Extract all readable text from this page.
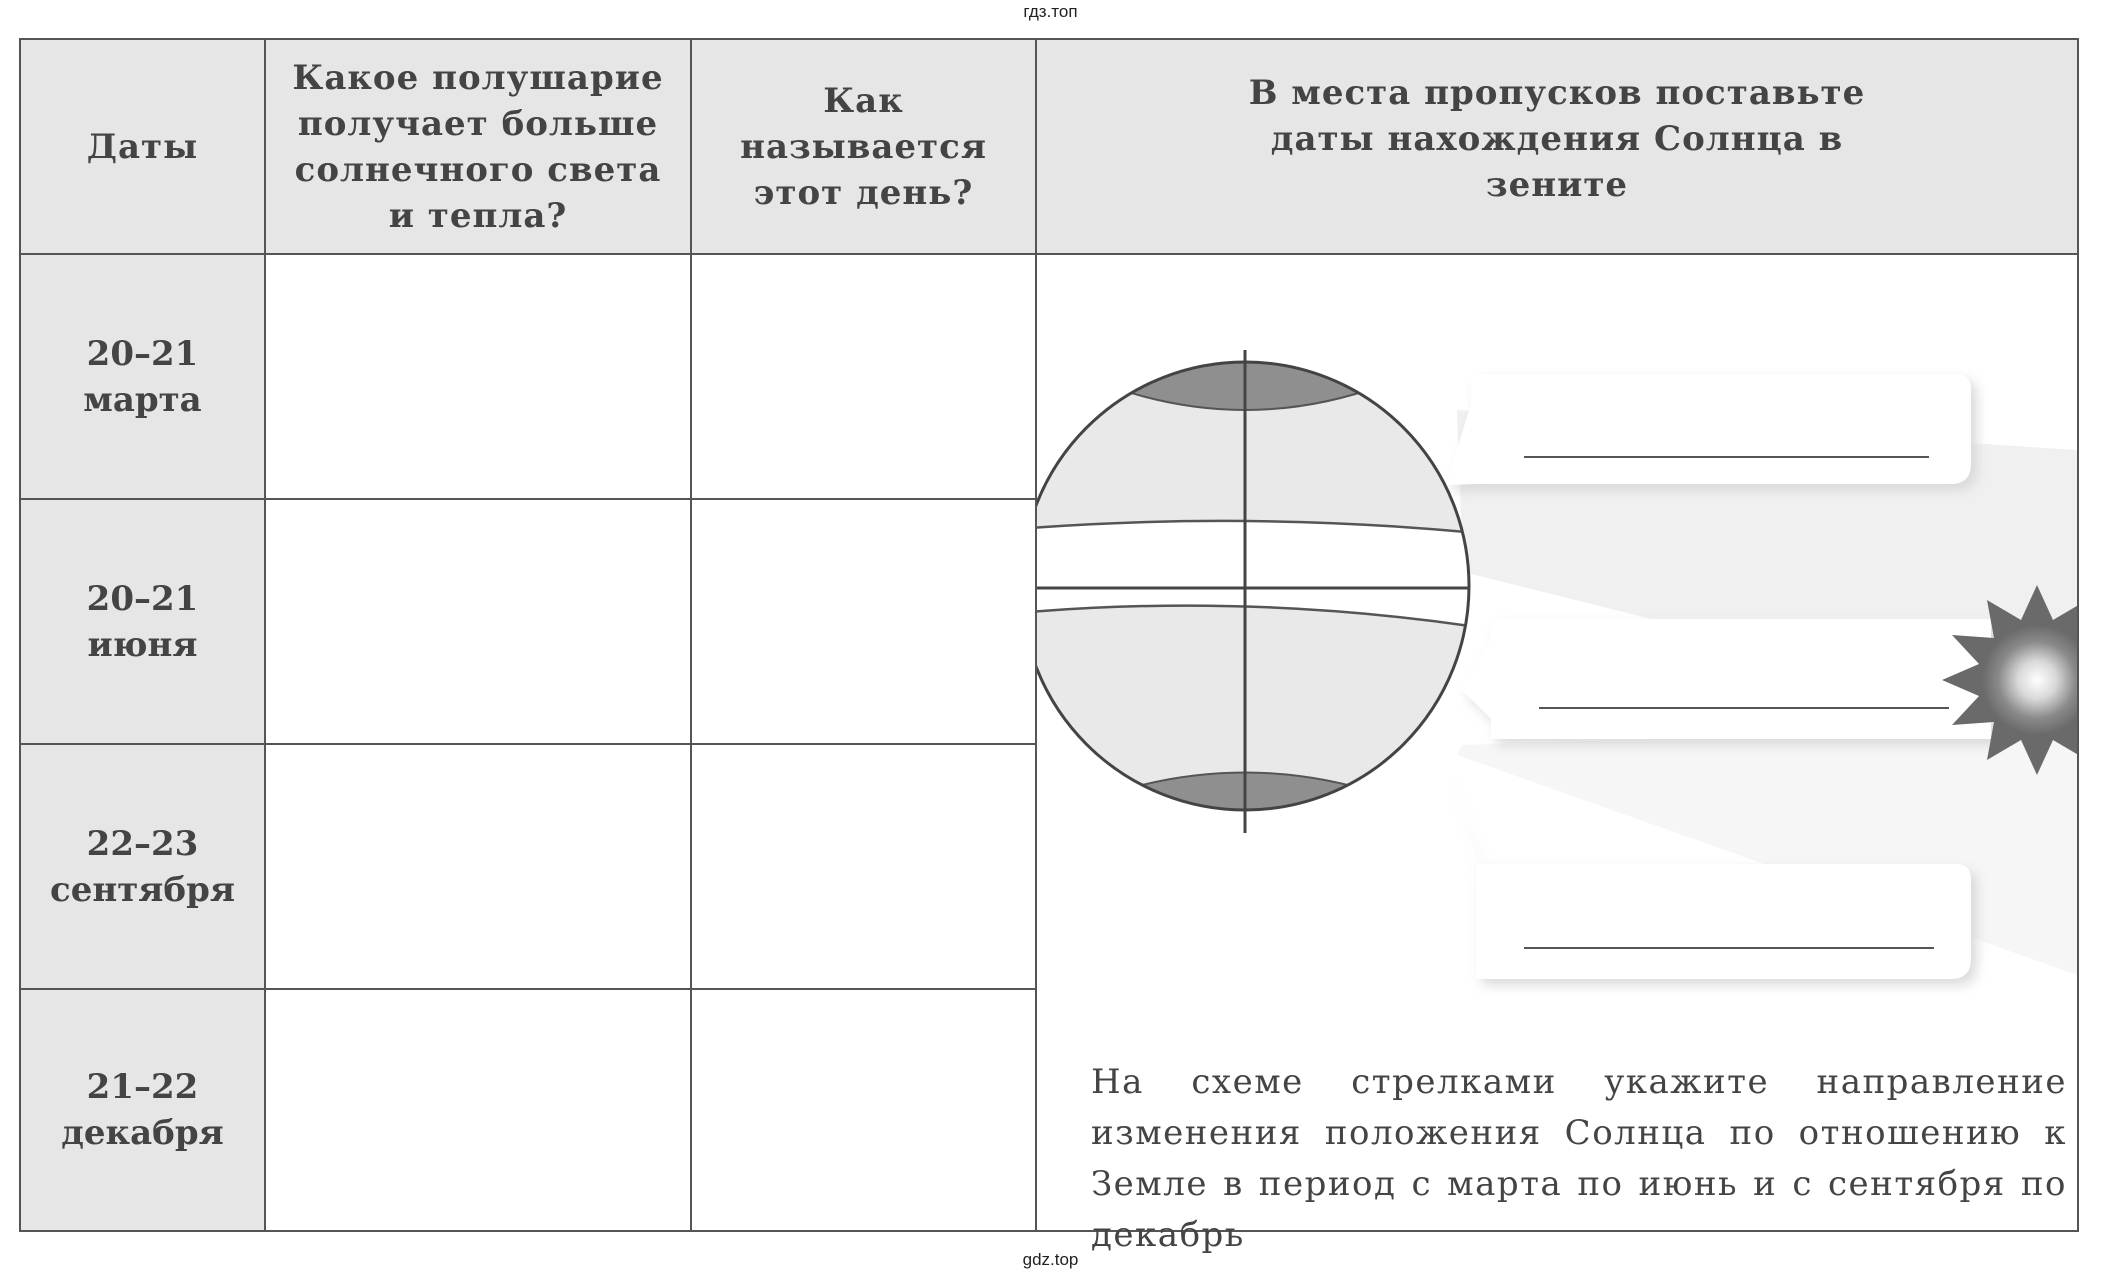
гдз.топ
Даты
Какое полушарие получает больше солнечного света и тепла?
Как называется этот день?
В места пропусков поставьте даты нахождения Солнца в зените
20–21
марта
20–21
июня
22–23
сентября
21–22
декабря
На схеме стрелками укажите направление изменения положения Солнца по отношению к Земле в период с марта по июнь и с сентября по декабрь
gdz.top
